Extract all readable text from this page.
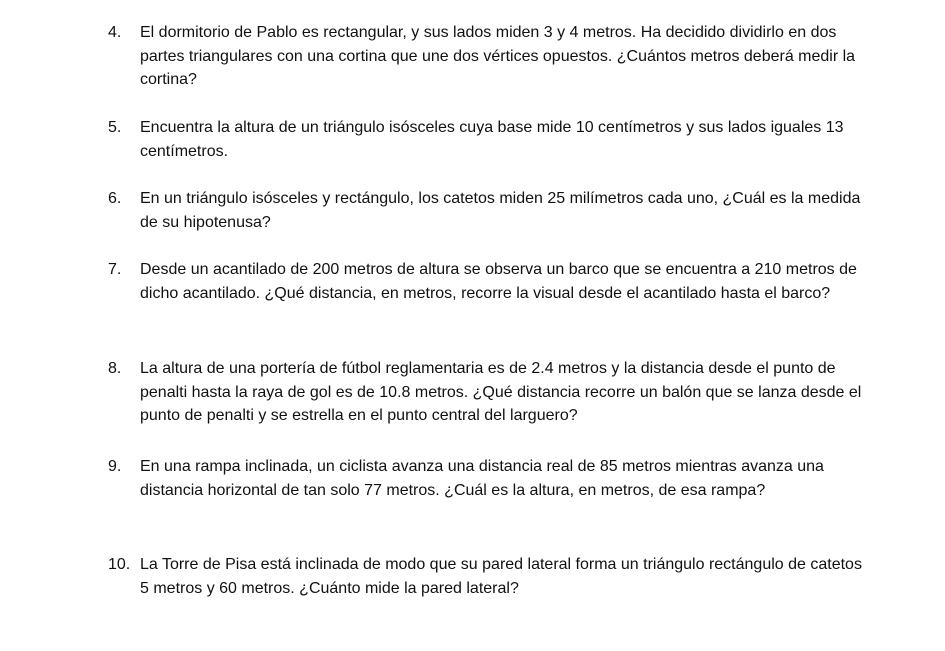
4. El dormitorio de Pablo es rectangular, y sus lados miden 3 y 4 metros. Ha decidido dividirlo en dos partes triangulares con una cortina que une dos vértices opuestos. ¿Cuántos metros deberá medir la cortina?
5. Encuentra la altura de un triángulo isósceles cuya base mide 10 centímetros y sus lados iguales 13 centímetros.
6. En un triángulo isósceles y rectángulo, los catetos miden 25 milímetros cada uno, ¿Cuál es la medida de su hipotenusa?
7. Desde un acantilado de 200 metros de altura se observa un barco que se encuentra a 210 metros de dicho acantilado. ¿Qué distancia, en metros, recorre la visual desde el acantilado hasta el barco?
8. La altura de una portería de fútbol reglamentaria es de 2.4 metros y la distancia desde el punto de penalti hasta la raya de gol es de 10.8 metros. ¿Qué distancia recorre un balón que se lanza desde el punto de penalti y se estrella en el punto central del larguero?
9. En una rampa inclinada, un ciclista avanza una distancia real de 85 metros mientras avanza una distancia horizontal de tan solo 77 metros. ¿Cuál es la altura, en metros, de esa rampa?
10. La Torre de Pisa está inclinada de modo que su pared lateral forma un triángulo rectángulo de catetos 5 metros y 60 metros. ¿Cuánto mide la pared lateral?
